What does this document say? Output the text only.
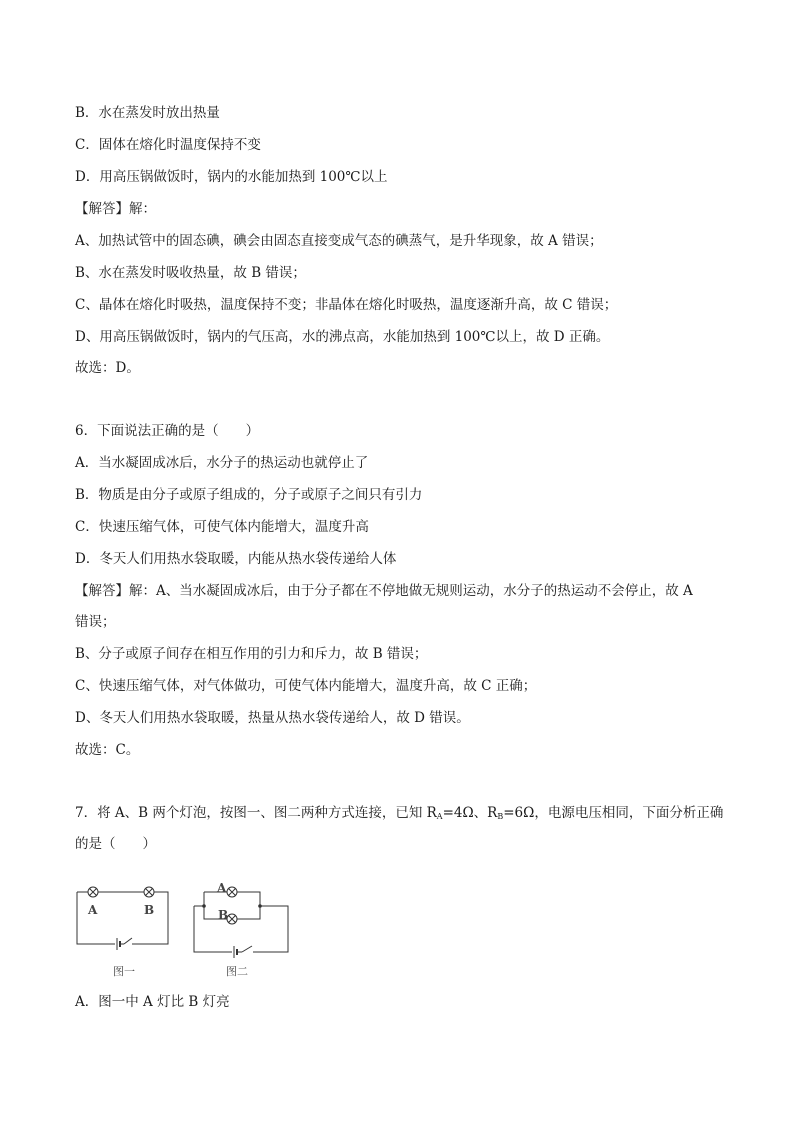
B．水在蒸发时放出热量
C．固体在熔化时温度保持不变
D．用高压锅做饭时，锅内的水能加热到 100℃以上
【解答】解：
A、加热试管中的固态碘，碘会由固态直接变成气态的碘蒸气，是升华现象，故 A 错误；
B、水在蒸发时吸收热量，故 B 错误；
C、晶体在熔化时吸热，温度保持不变；非晶体在熔化时吸热，温度逐渐升高，故 C 错误；
D、用高压锅做饭时，锅内的气压高，水的沸点高，水能加热到 100℃以上，故 D 正确。
故选：D。
6．下面说法正确的是（　　）
A．当水凝固成冰后，水分子的热运动也就停止了
B．物质是由分子或原子组成的，分子或原子之间只有引力
C．快速压缩气体，可使气体内能增大，温度升高
D．冬天人们用热水袋取暖，内能从热水袋传递给人体
【解答】解：A、当水凝固成冰后，由于分子都在不停地做无规则运动，水分子的热运动不会停止，故 A
错误；
B、分子或原子间存在相互作用的引力和斥力，故 B 错误；
C、快速压缩气体，对气体做功，可使气体内能增大，温度升高，故 C 正确；
D、冬天人们用热水袋取暖，热量从热水袋传递给人，故 D 错误。
故选：C。
7．将 A、B 两个灯泡，按图一、图二两种方式连接，已知 $R_A=4\Omega$、$R_B=6\Omega$，电源电压相同，下面分析正确
的是（　　）
A	B
A
B
图一	图二
A．图一中 A 灯比 B 灯亮
